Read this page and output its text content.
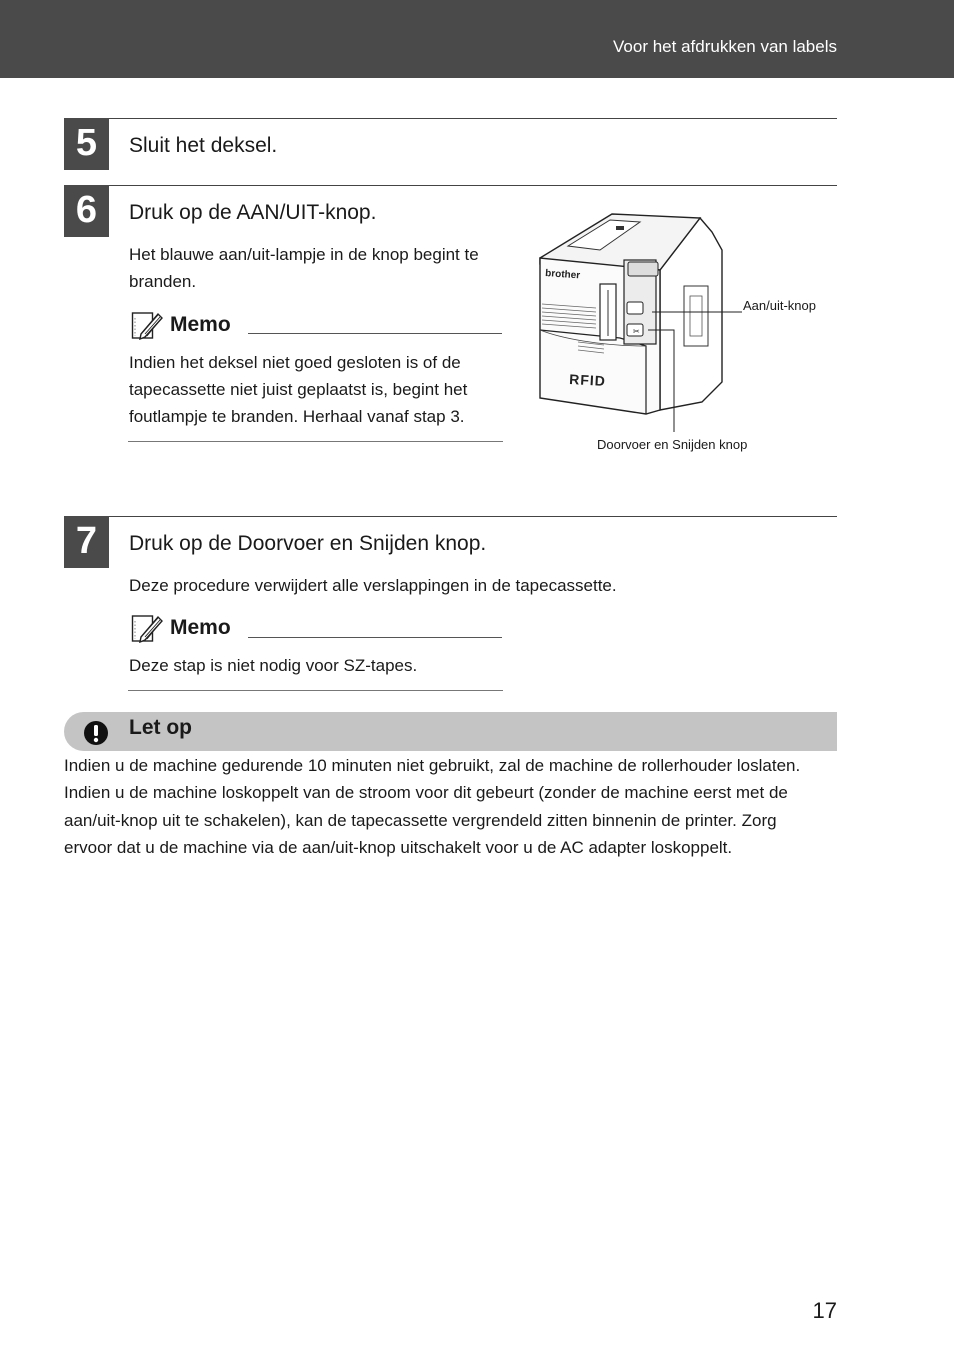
Voor het afdrukken van labels
5	Sluit het deksel.
6	Druk op de AAN/UIT-knop.
Het blauwe aan/uit-lampje in de knop begint te
branden.
Memo
Indien het deksel niet goed gesloten is of de
tapecassette niet juist geplaatst is, begint het
foutlampje te branden. Herhaal vanaf stap 3.
✂
brother
RFID
Aan/uit-knop
Doorvoer en Snijden knop
7	Druk op de Doorvoer en Snijden knop.
Deze procedure verwijdert alle verslappingen in de tapecassette.
Memo
Deze stap is niet nodig voor SZ-tapes.
Let op
Indien u de machine gedurende 10 minuten niet gebruikt, zal de machine de rollerhouder loslaten.
Indien u de machine loskoppelt van de stroom voor dit gebeurt (zonder de machine eerst met de
aan/uit-knop uit te schakelen), kan de tapecassette vergrendeld zitten binnenin de printer. Zorg
ervoor dat u de machine via de aan/uit-knop uitschakelt voor u de AC adapter loskoppelt.
17
